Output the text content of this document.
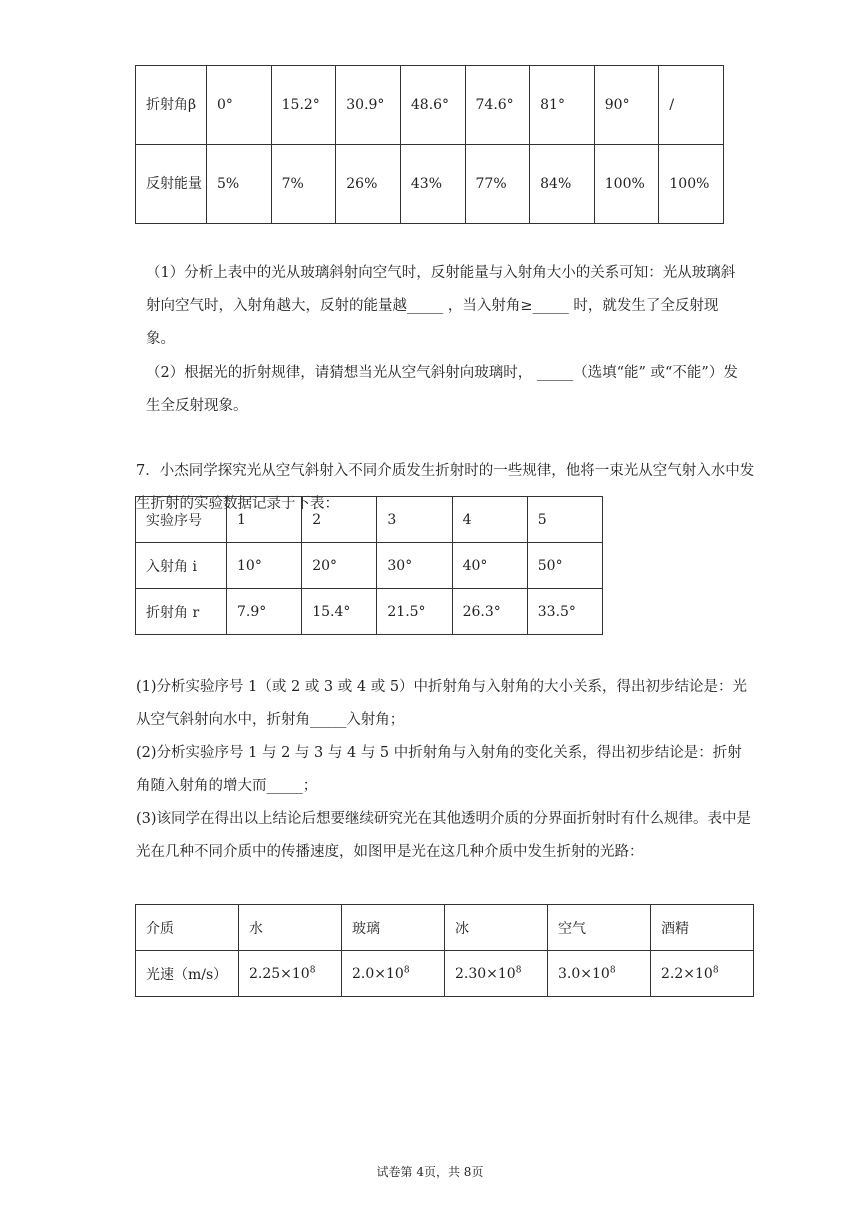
折射角β	0°	15.2°	30.9°	48.6°	74.6°	81°	90°	/
反射能量	5%	7%	26%	43%	77%	84%	100%	100%
（1）分析上表中的光从玻璃斜射向空气时，反射能量与入射角大小的关系可知：光从玻璃斜射向空气时，入射角越大，反射的能量越_____ ，当入射角≥_____ 时，就发生了全反射现象。
（2）根据光的折射规律，请猜想当光从空气斜射向玻璃时， _____（选填“能” 或“不能”）发生全反射现象。
7．小杰同学探究光从空气斜射入不同介质发生折射时的一些规律，他将一束光从空气射入水中发生折射的实验数据记录于下表：
实验序号	1	2	3	4	5
入射角 i	10°	20°	30°	40°	50°
折射角 r	7.9°	15.4°	21.5°	26.3°	33.5°
(1)分析实验序号 1（或 2 或 3 或 4 或 5）中折射角与入射角的大小关系，得出初步结论是：光从空气斜射向水中，折射角_____入射角；
(2)分析实验序号 1 与 2 与 3 与 4 与 5 中折射角与入射角的变化关系，得出初步结论是：折射角随入射角的增大而_____；
(3)该同学在得出以上结论后想要继续研究光在其他透明介质的分界面折射时有什么规律。表中是光在几种不同介质中的传播速度，如图甲是光在这几种介质中发生折射的光路：
介质	水	玻璃	冰	空气	酒精
光速（m/s）	$2.25\times 10^8$	$2.0\times 10^8$	$2.30\times 10^8$	$3.0\times 10^8$	$2.2\times 10^8$
试卷第 4页，共 8页
